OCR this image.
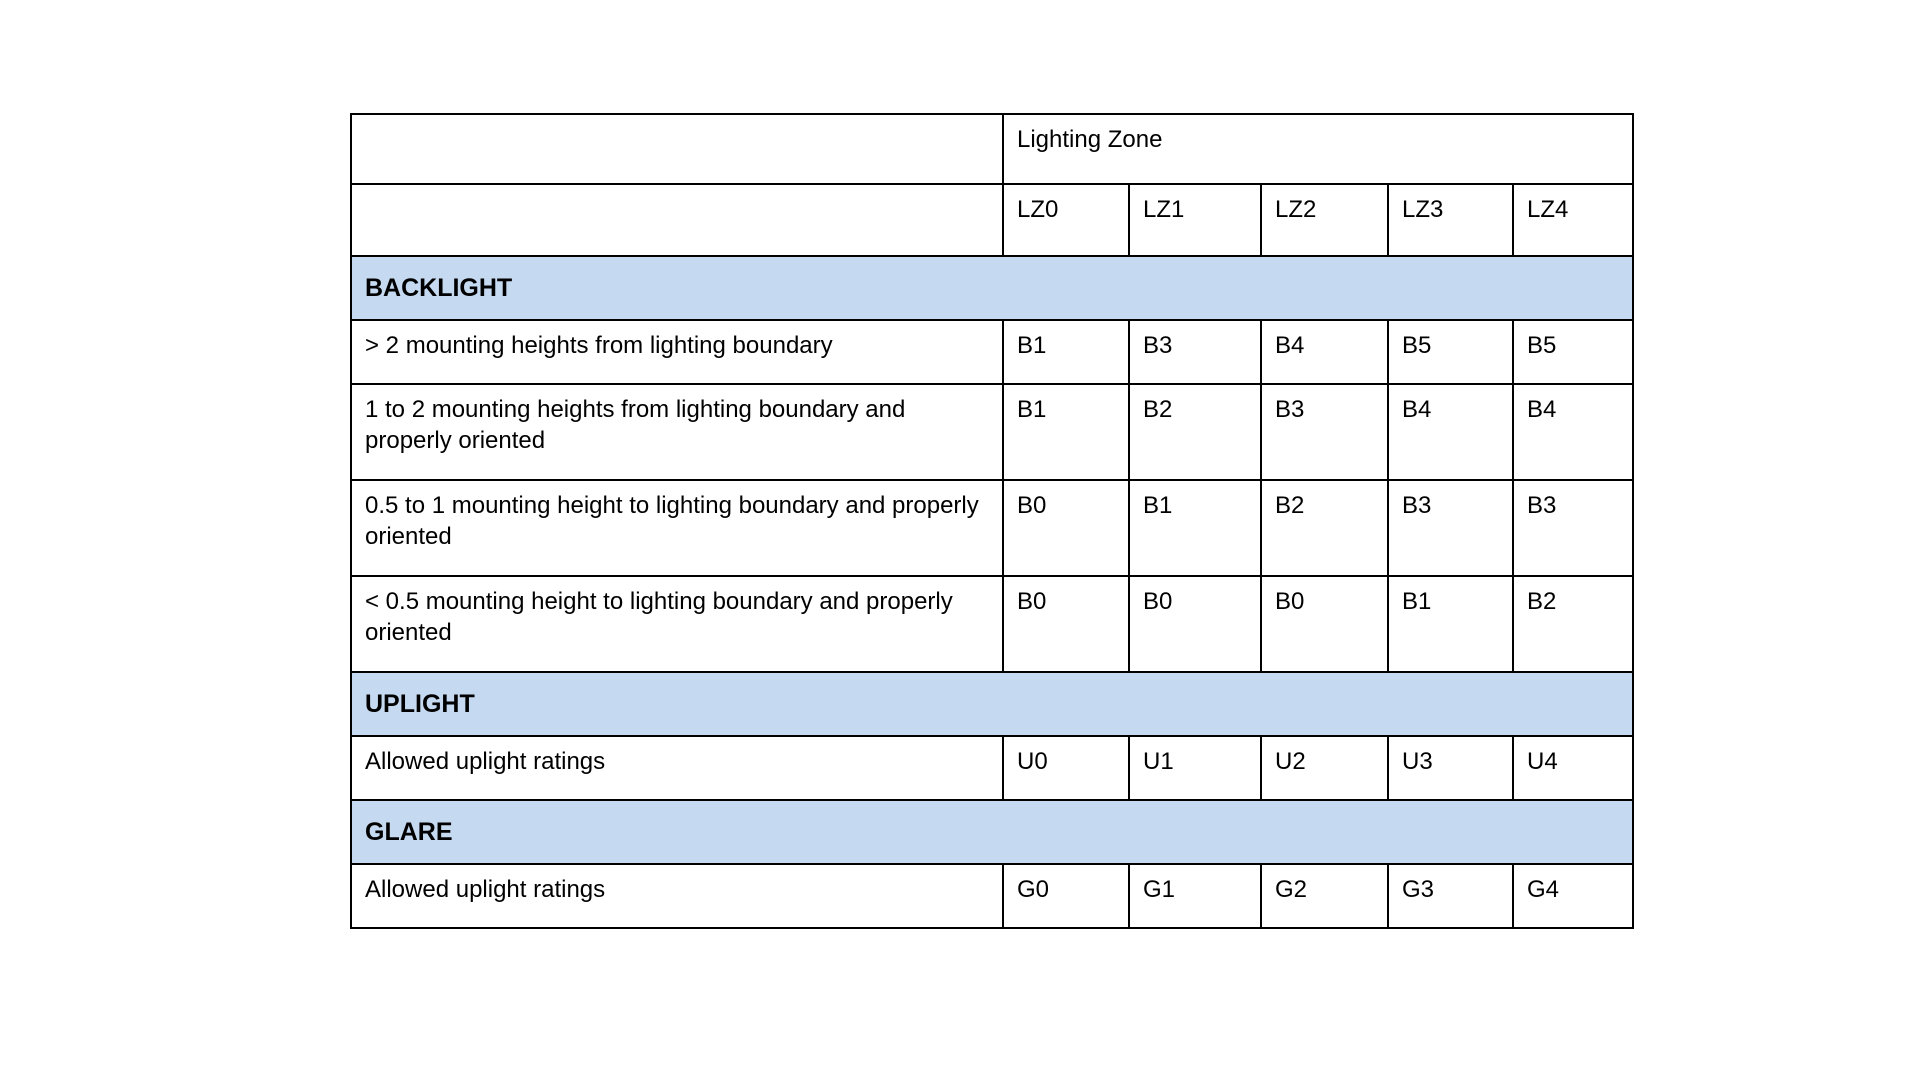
	Lighting Zone				
	LZ0	LZ1	LZ2	LZ3	LZ4
BACKLIGHT					
> 2 mounting heights from lighting boundary	B1	B3	B4	B5	B5
1 to 2 mounting heights from lighting boundary and properly oriented	B1	B2	B3	B4	B4
0.5 to 1 mounting height to lighting boundary and properly oriented	B0	B1	B2	B3	B3
< 0.5 mounting height to lighting boundary and properly oriented	B0	B0	B0	B1	B2
UPLIGHT					
Allowed uplight ratings	U0	U1	U2	U3	U4
GLARE					
Allowed uplight ratings	G0	G1	G2	G3	G4
